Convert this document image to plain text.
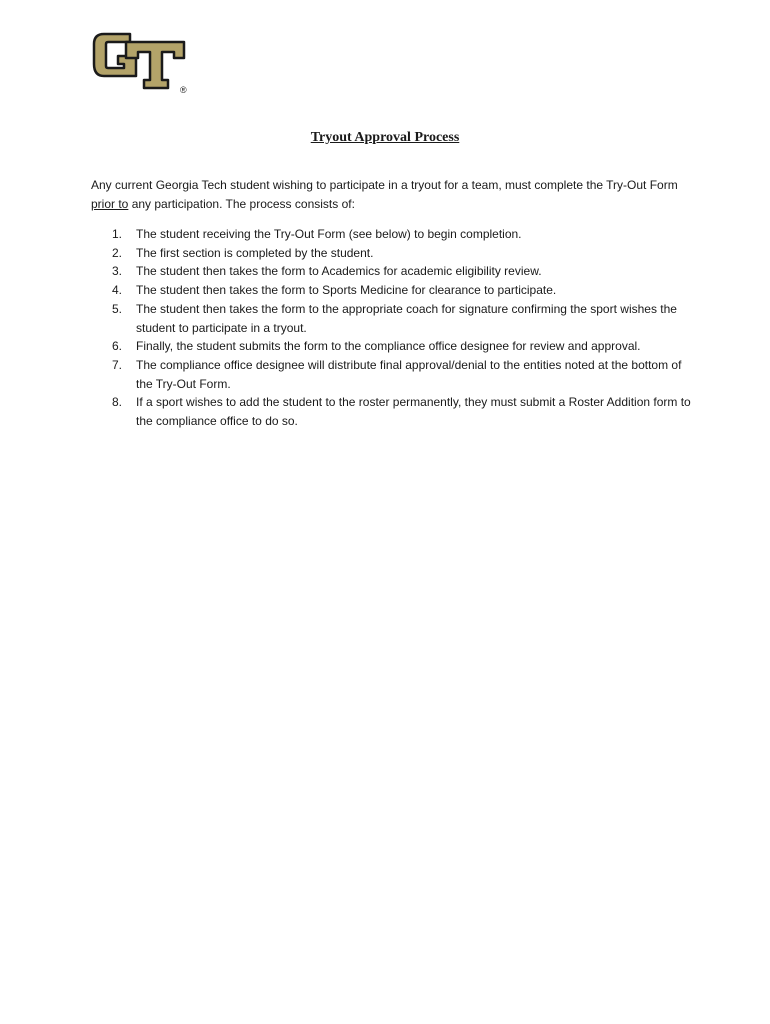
®
Tryout Approval Process
Any current Georgia Tech student wishing to participate in a tryout for a team, must complete the Try-Out Form prior to any participation. The process consists of:
1. The student receiving the Try-Out Form (see below) to begin completion.
2. The first section is completed by the student.
3. The student then takes the form to Academics for academic eligibility review.
4. The student then takes the form to Sports Medicine for clearance to participate.
5. The student then takes the form to the appropriate coach for signature confirming the sport wishes the student to participate in a tryout.
6. Finally, the student submits the form to the compliance office designee for review and approval.
7. The compliance office designee will distribute final approval/denial to the entities noted at the bottom of the Try-Out Form.
8. If a sport wishes to add the student to the roster permanently, they must submit a Roster Addition form to the compliance office to do so.
